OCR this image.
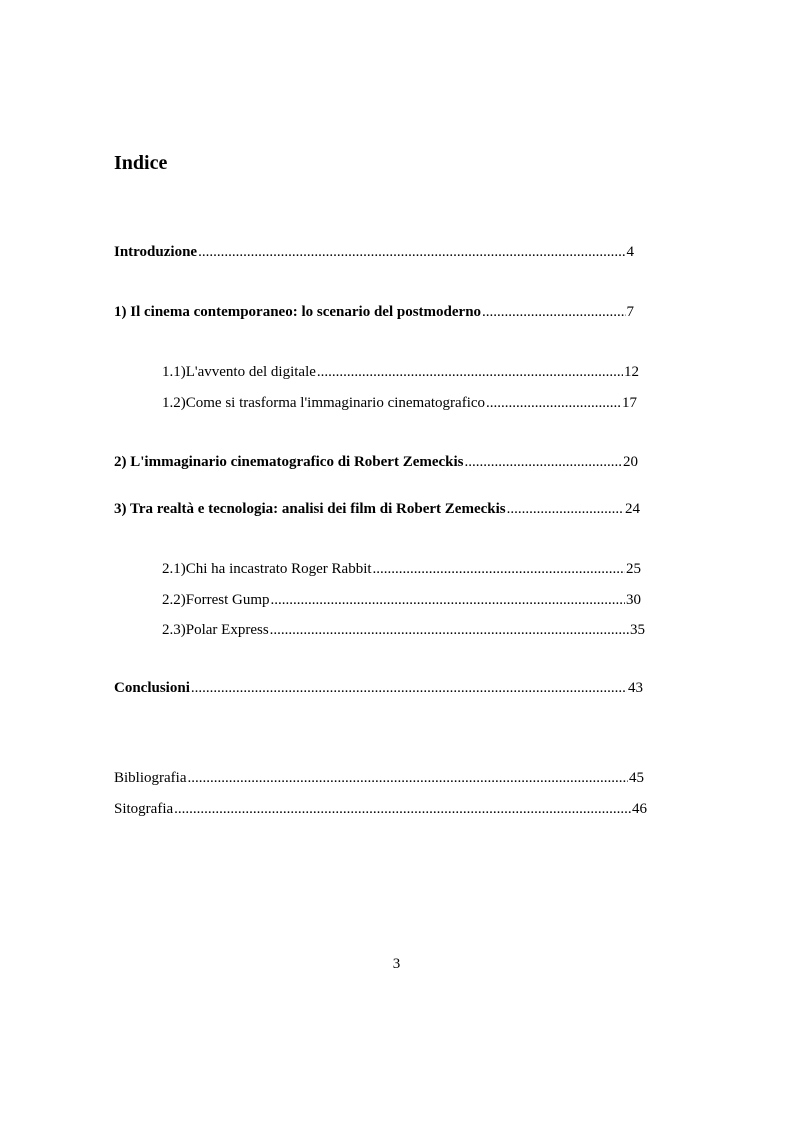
Indice
Introduzione .....	4
1) Il cinema contemporaneo: lo scenario del postmoderno .....	7
1.1) L'avvento del digitale .....	12
1.2) Come si trasforma l'immaginario cinematografico .....	17
2) L'immaginario cinematografico di Robert Zemeckis .....	20
3) Tra realtà e tecnologia: analisi dei film di Robert Zemeckis .....	24
2.1) Chi ha incastrato Roger Rabbit .....	25
2.2) Forrest Gump .....	30
2.3) Polar Express .....	35
Conclusioni .....	43
Bibliografia .....	45
Sitografia .....	46
3
